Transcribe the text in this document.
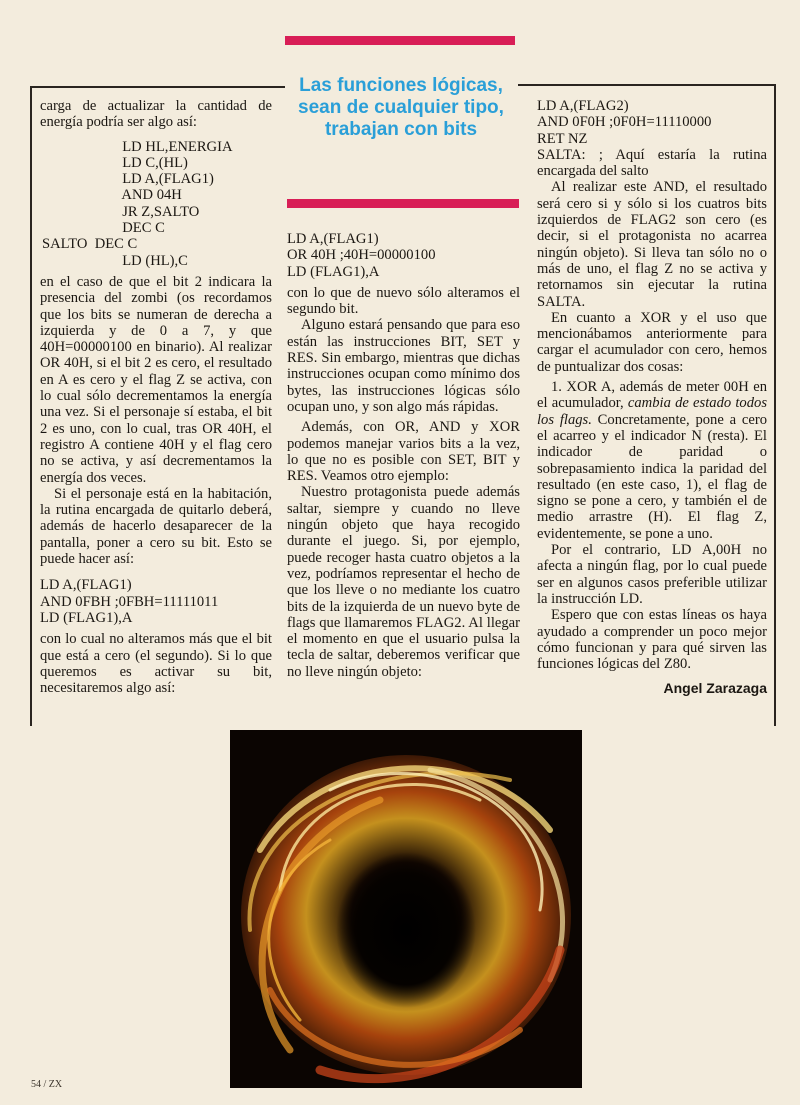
Las funciones lógicas, sean de cualquier tipo, trabajan con bits

carga de actualizar la cantidad de energía podría ser algo así:

LD HL,ENERGIA
LD C,(HL)
LD A,(FLAG1)
AND 04H
JR Z,SALTO
DEC C
SALTO  DEC C
LD (HL),C

en el caso de que el bit 2 indicara la presencia del zombi (os recordamos que los bits se numeran de derecha a izquierda y de 0 a 7, y que 40H=00000100 en binario). Al realizar OR 40H, si el bit 2 es cero, el resultado en A es cero y el flag Z se activa, con lo cual sólo decrementamos la energía una vez. Si el personaje sí estaba, el bit 2 es uno, con lo cual, tras OR 40H, el registro A contiene 40H y el flag cero no se activa, y así decrementamos la energía dos veces.

Si el personaje está en la habitación, la rutina encargada de quitarlo deberá, además de hacerlo desaparecer de la pantalla, poner a cero su bit. Esto se puede hacer así:

LD A,(FLAG1)
AND 0FBH ;0FBH=11111011
LD (FLAG1),A

con lo cual no alteramos más que el bit que está a cero (el segundo). Si lo que queremos es activar su bit, necesitaremos algo así:

LD A,(FLAG1)
OR 40H ;40H=00000100
LD (FLAG1),A

con lo que de nuevo sólo alteramos el segundo bit.

Alguno estará pensando que para eso están las instrucciones BIT, SET y RES. Sin embargo, mientras que dichas instrucciones ocupan como mínimo dos bytes, las instrucciones lógicas sólo ocupan uno, y son algo más rápidas.

Además, con OR, AND y XOR podemos manejar varios bits a la vez, lo que no es posible con SET, BIT y RES. Veamos otro ejemplo:

Nuestro protagonista puede además saltar, siempre y cuando no lleve ningún objeto que haya recogido durante el juego. Si, por ejemplo, puede recoger hasta cuatro objetos a la vez, podríamos representar el hecho de que los lleve o no mediante los cuatro bits de la izquierda de un nuevo byte de flags que llamaremos FLAG2. Al llegar el momento en que el usuario pulsa la tecla de saltar, deberemos verificar que no lleve ningún objeto:

LD A,(FLAG2)
AND 0F0H ;0F0H=11110000
RET NZ

SALTA: ; Aquí estaría la rutina encargada del salto

Al realizar este AND, el resultado será cero si y sólo si los cuatros bits izquierdos de FLAG2 son cero (es decir, si el protagonista no acarrea ningún objeto). Si lleva tan sólo no o más de uno, el flag Z no se activa y retornamos sin ejecutar la rutina SALTA.

En cuanto a XOR y el uso que mencionábamos anteriormente para cargar el acumulador con cero, hemos de puntualizar dos cosas:

1. XOR A, además de meter 00H en el acumulador, cambia de estado todos los flags. Concretamente, pone a cero el acarreo y el indicador N (resta). El indicador de paridad o sobrepasamiento indica la paridad del resultado (en este caso, 1), el flag de signo se pone a cero, y también el de medio arrastre (H). El flag Z, evidentemente, se pone a uno.

Por el contrario, LD A,00H no afecta a ningún flag, por lo cual puede ser en algunos casos preferible utilizar la instrucción LD.

Espero que con estas líneas os haya ayudado a comprender un poco mejor cómo funcionan y para qué sirven las funciones lógicas del Z80.

Angel Zarazaga
54 / ZX
